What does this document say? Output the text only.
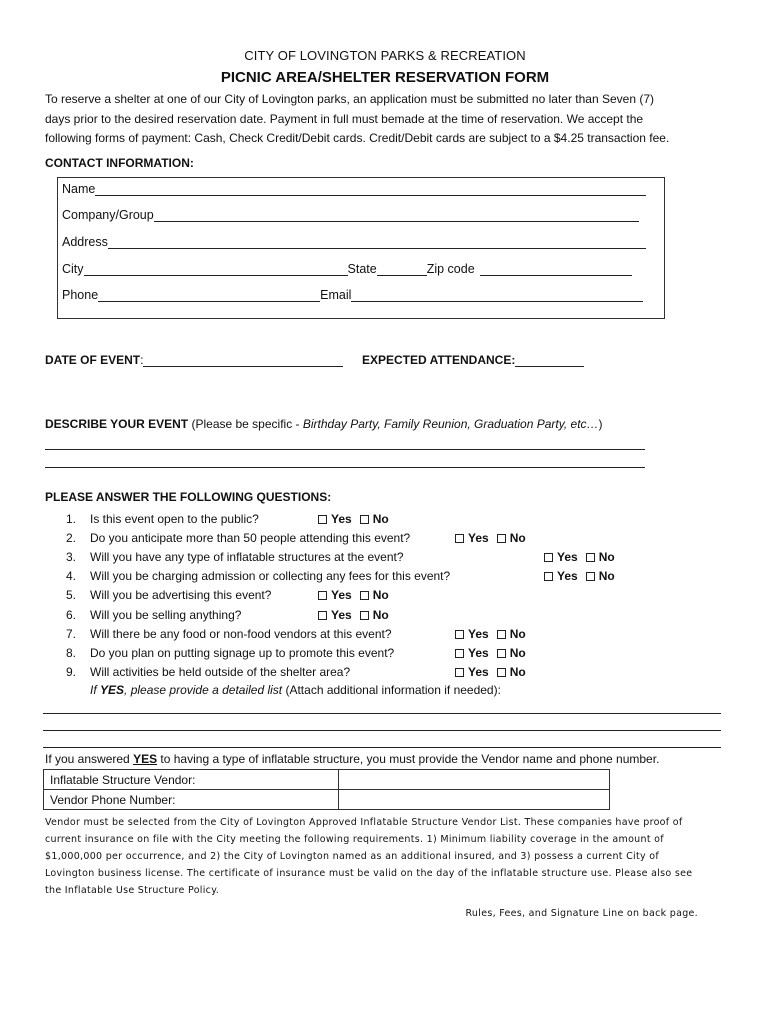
CITY OF LOVINGTON PARKS & RECREATION
PICNIC AREA/SHELTER RESERVATION FORM
To reserve a shelter at one of our City of Lovington parks, an application must be submitted no later than Seven (7)
days prior to the desired reservation date. Payment in full must bemade at the time of reservation. We accept the
following forms of payment: Cash, Check Credit/Debit cards. Credit/Debit cards are subject to a $4.25 transaction fee.
CONTACT INFORMATION:
Name
Company/Group
Address
City	State	Zip code
Phone	Email
DATE OF EVENT :	EXPECTED ATTENDANCE:
DESCRIBE YOUR EVENT (Please be specific - Birthday Party, Family Reunion, Graduation Party, etc…)
PLEASE ANSWER THE FOLLOWING QUESTIONS:
1. Is this event open to the public?	Yes No
2. Do you anticipate more than 50 people attending this event?	Yes No
3. Will you have any type of inflatable structures at the event?	Yes No
4. Will you be charging admission or collecting any fees for this event?	Yes No
5. Will you be advertising this event?	Yes No
6. Will you be selling anything?	Yes No
7. Will there be any food or non-food vendors at this event?	Yes No
8. Do you plan on putting signage up to promote this event?	Yes No
9. Will activities be held outside of the shelter area?	Yes No
If YES, please provide a detailed list (Attach additional information if needed):
If you answered YES to having a type of inflatable structure, you must provide the Vendor name and phone number.
Inflatable Structure Vendor:	
Vendor Phone Number:	
Vendor must be selected from the City of Lovington Approved Inflatable Structure Vendor List. These companies have proof of
current insurance on file with the City meeting the following requirements. 1) Minimum liability coverage in the amount of
$1,000,000 per occurrence, and 2) the City of Lovington named as an additional insured, and 3) possess a current City of
Lovington business license. The certificate of insurance must be valid on the day of the inflatable structure use. Please also see
the Inflatable Use Structure Policy.
Rules, Fees, and Signature Line on back page.
